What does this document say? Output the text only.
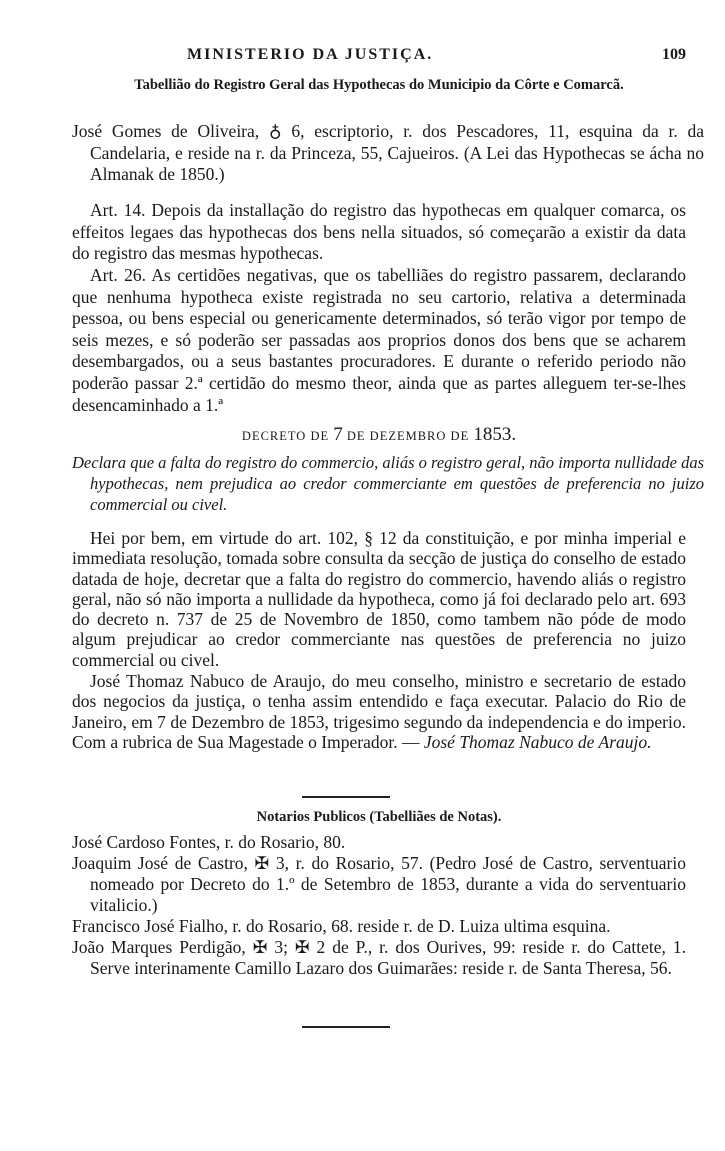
MINISTERIO DA JUSTIÇA.	109
Tabellião do Registro Geral das Hypothecas do Municipio da Côrte e Comarcã.
José Gomes de Oliveira, ♁ 6, escriptorio, r. dos Pescadores, 11, esquina da r. da Candelaria, e reside na r. da Princeza, 55, Cajueiros. (A Lei das Hypothecas se ácha no Almanak de 1850.)
Art. 14. Depois da installação do registro das hypothecas em qualquer comarca, os effeitos legaes das hypothecas dos bens nella situados, só começarão a existir da data do registro das mesmas hypothecas.
Art. 26. As certidões negativas, que os tabelliães do registro passarem, declarando que nenhuma hypotheca existe registrada no seu cartorio, relativa a determinada pessoa, ou bens especial ou genericamente determinados, só terão vigor por tempo de seis mezes, e só poderão ser passadas aos proprios donos dos bens que se acharem desembargados, ou a seus bastantes procuradores. E durante o referido periodo não poderão passar 2.ª certidão do mesmo theor, ainda que as partes alleguem ter-se-lhes desencaminhado a 1.ª
DECRETO DE 7 DE DEZEMBRO DE 1853.
Declara que a falta do registro do commercio, aliás o registro geral, não importa nullidade das hypothecas, nem prejudica ao credor commerciante em questões de preferencia no juizo commercial ou civel.
Hei por bem, em virtude do art. 102, § 12 da constituição, e por minha imperial e immediata resolução, tomada sobre consulta da secção de justiça do conselho de estado datada de hoje, decretar que a falta do registro do commercio, havendo aliás o registro geral, não só não importa a nullidade da hypotheca, como já foi declarado pelo art. 693 do decreto n. 737 de 25 de Novembro de 1850, como tambem não póde de modo algum prejudicar ao credor commerciante nas questões de preferencia no juizo commercial ou civel.
José Thomaz Nabuco de Araujo, do meu conselho, ministro e secretario de estado dos negocios da justiça, o tenha assim entendido e faça executar. Palacio do Rio de Janeiro, em 7 de Dezembro de 1853, trigesimo segundo da independencia e do imperio. Com a rubrica de Sua Magestade o Imperador. — José Thomaz Nabuco de Araujo.
Notarios Publicos (Tabelliães de Notas).
José Cardoso Fontes, r. do Rosario, 80.
Joaquim José de Castro, ✠ 3, r. do Rosario, 57. (Pedro José de Castro, serventuario nomeado por Decreto do 1.º de Setembro de 1853, durante a vida do serventuario vitalicio.)
Francisco José Fialho, r. do Rosario, 68. reside r. de D. Luiza ultima esquina.
João Marques Perdigão, ✠ 3; ✠ 2 de P., r. dos Ourives, 99: reside r. do Cattete, 1. Serve interinamente Camillo Lazaro dos Guimarães: reside r. de Santa Theresa, 56.
